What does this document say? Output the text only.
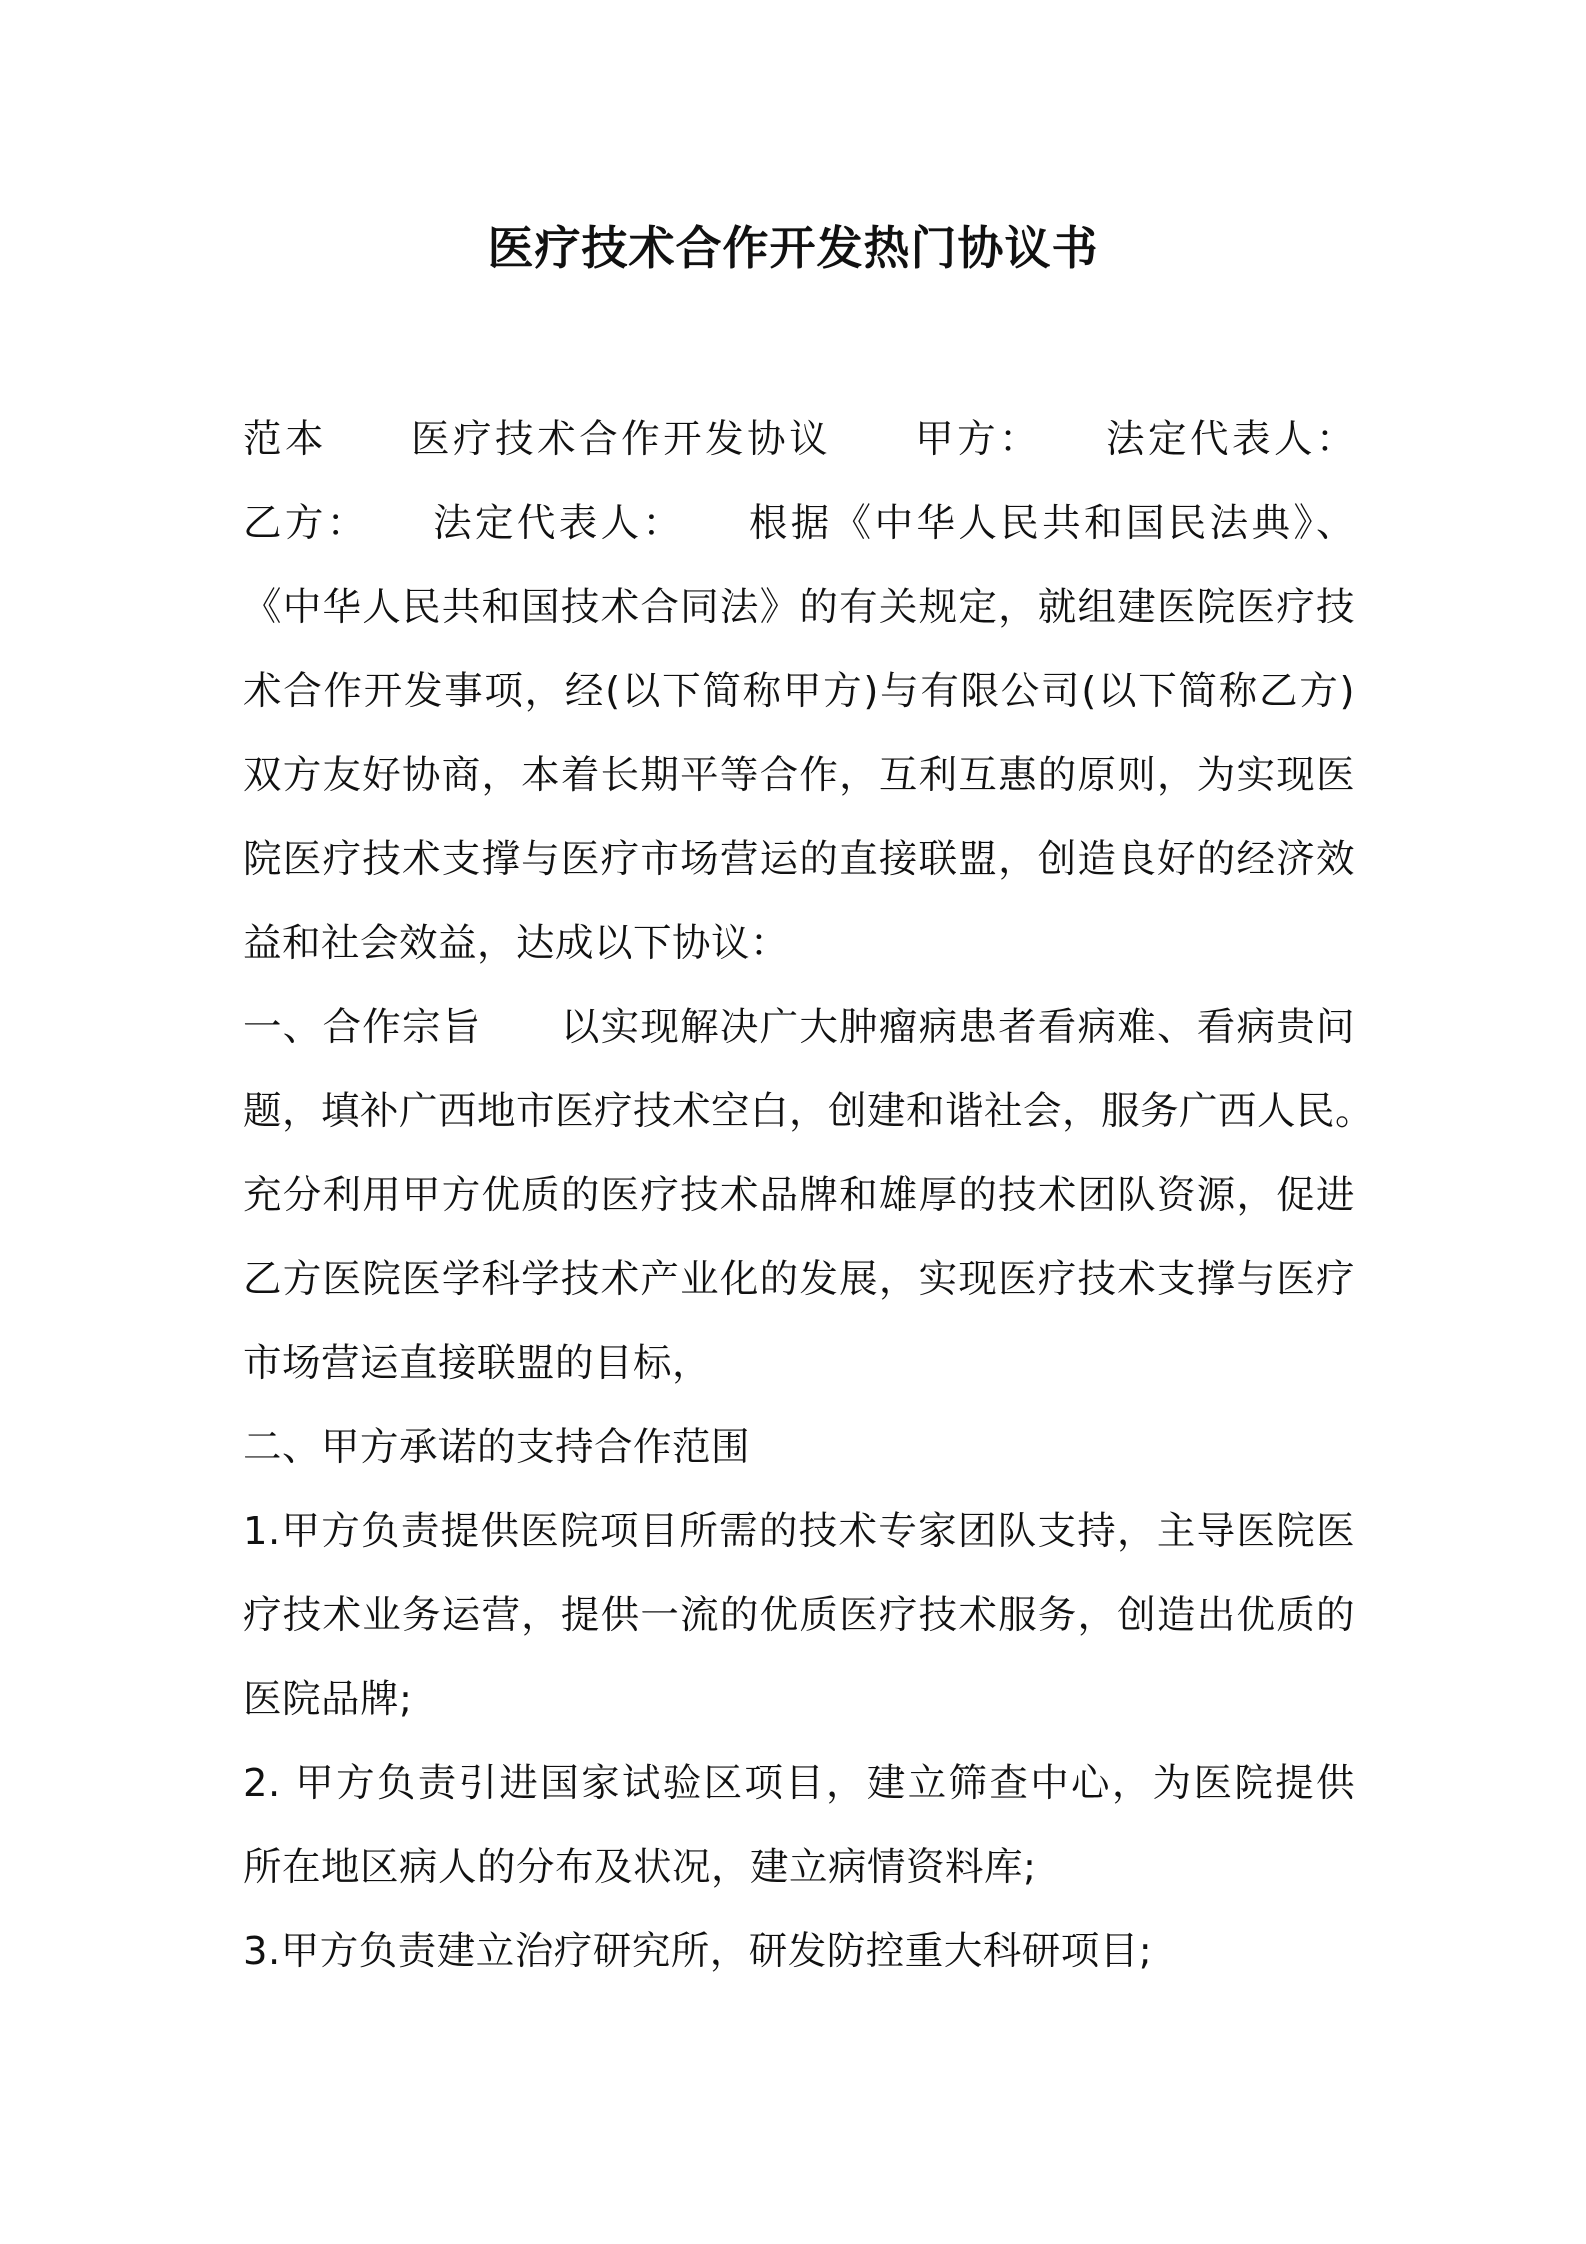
医疗技术合作开发热门协议书
范本　　医疗技术合作开发协议　　甲方：　　法定代表人：
乙方：　　法定代表人：　　根据《中华人民共和国民法典》、
《中华人民共和国技术合同法》的有关规定，就组建医院医疗技
术合作开发事项，经(以下简称甲方)与有限公司(以下简称乙方)
双方友好协商，本着长期平等合作，互利互惠的原则，为实现医
院医疗技术支撑与医疗市场营运的直接联盟，创造良好的经济效
益和社会效益，达成以下协议：
一、合作宗旨　　以实现解决广大肿瘤病患者看病难、看病贵问
题，填补广西地市医疗技术空白，创建和谐社会，服务广西人民。
充分利用甲方优质的医疗技术品牌和雄厚的技术团队资源，促进
乙方医院医学科学技术产业化的发展，实现医疗技术支撑与医疗
市场营运直接联盟的目标，
二、甲方承诺的支持合作范围
1.甲方负责提供医院项目所需的技术专家团队支持，主导医院医
疗技术业务运营，提供一流的优质医疗技术服务，创造出优质的
医院品牌;
2. 甲方负责引进国家试验区项目，建立筛查中心，为医院提供
所在地区病人的分布及状况，建立病情资料库;
3.甲方负责建立治疗研究所，研发防控重大科研项目;
